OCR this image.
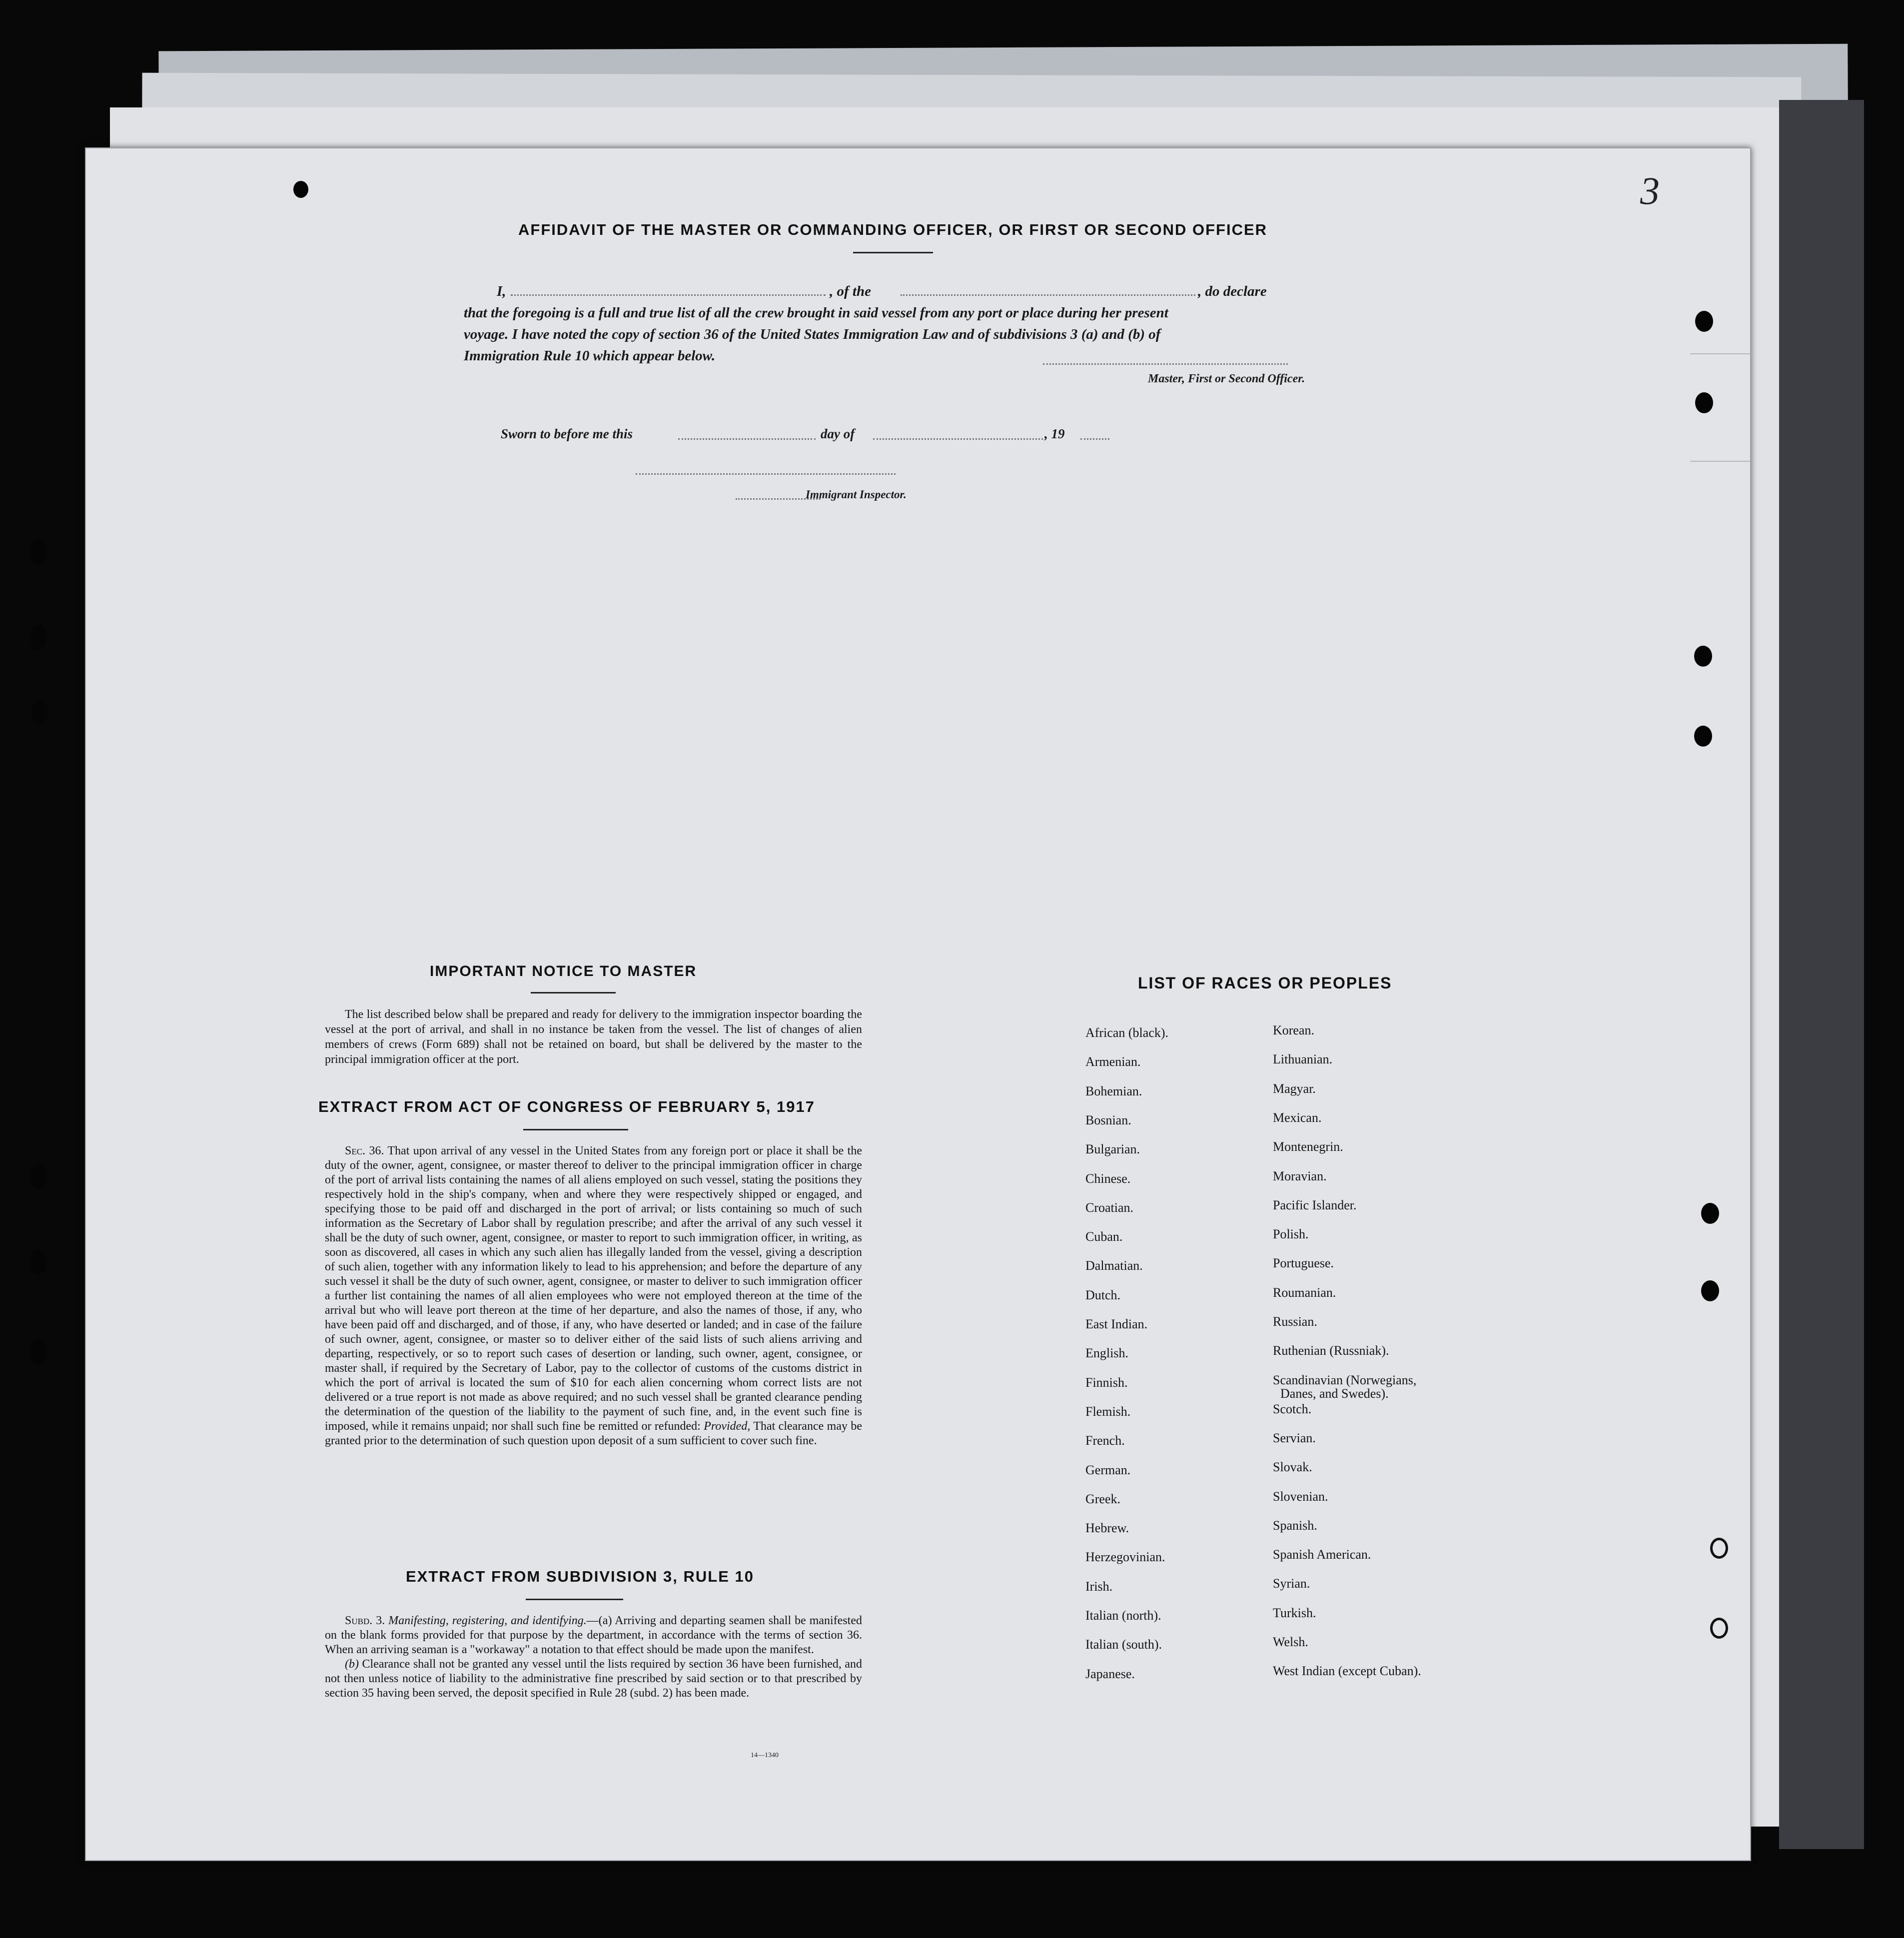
3
AFFIDAVIT OF THE MASTER OR COMMANDING OFFICER, OR FIRST OR SECOND OFFICER
I,	, of the	, do declare
that the foregoing is a full and true list of all the crew brought in said vessel from any port or place during her present
voyage. I have noted the copy of section 36 of the United States Immigration Law and of subdivisions 3 (a) and (b) of
Immigration Rule 10 which appear below.
Master, First or Second Officer.
Sworn to before me this	day of	, 19
Immigrant Inspector.
IMPORTANT NOTICE TO MASTER

The list described below shall be prepared and ready for delivery to the immigration inspector boarding the vessel at the port of arrival, and shall in no instance be taken from the vessel. The list of changes of alien members of crews (Form 689) shall not be retained on board, but shall be delivered by the master to the principal immigration officer at the port.

EXTRACT FROM ACT OF CONGRESS OF FEBRUARY 5, 1917

Sec. 36. That upon arrival of any vessel in the United States from any foreign port or place it shall be the duty of the owner, agent, consignee, or master thereof to deliver to the principal immigration officer in charge of the port of arrival lists containing the names of all aliens employed on such vessel, stating the positions they respectively hold in the ship's company, when and where they were respectively shipped or engaged, and specifying those to be paid off and discharged in the port of arrival; or lists containing so much of such information as the Secretary of Labor shall by regulation prescribe; and after the arrival of any such vessel it shall be the duty of such owner, agent, consignee, or master to report to such immigration officer, in writing, as soon as discovered, all cases in which any such alien has illegally landed from the vessel, giving a description of such alien, together with any information likely to lead to his apprehension; and before the departure of any such vessel it shall be the duty of such owner, agent, consignee, or master to deliver to such immigration officer a further list containing the names of all alien employees who were not employed thereon at the time of the arrival but who will leave port thereon at the time of her departure, and also the names of those, if any, who have been paid off and discharged, and of those, if any, who have deserted or landed; and in case of the failure of such owner, agent, consignee, or master so to deliver either of the said lists of such aliens arriving and departing, respectively, or so to report such cases of desertion or landing, such owner, agent, consignee, or master shall, if required by the Secretary of Labor, pay to the collector of customs of the customs district in which the port of arrival is located the sum of $10 for each alien concerning whom correct lists are not delivered or a true report is not made as above required; and no such vessel shall be granted clearance pending the determination of the question of the liability to the payment of such fine, and, in the event such fine is imposed, while it remains unpaid; nor shall such fine be remitted or refunded: Provided, That clearance may be granted prior to the determination of such question upon deposit of a sum sufficient to cover such fine.

EXTRACT FROM SUBDIVISION 3, RULE 10

Subd. 3. Manifesting, registering, and identifying.—(a) Arriving and departing seamen shall be manifested on the blank forms provided for that purpose by the department, in accordance with the terms of section 36. When an arriving seaman is a "workaway" a notation to that effect should be made upon the manifest.

(b) Clearance shall not be granted any vessel until the lists required by section 36 have been furnished, and not then unless notice of liability to the administrative fine prescribed by said section or to that prescribed by section 35 having been served, the deposit specified in Rule 28 (subd. 2) has been made.

14—1340
LIST OF RACES OR PEOPLES
African (black).
Armenian.
Bohemian.
Bosnian.
Bulgarian.
Chinese.
Croatian.
Cuban.
Dalmatian.
Dutch.
East Indian.
English.
Finnish.
Flemish.
French.
German.
Greek.
Hebrew.
Herzegovinian.
Irish.
Italian (north).
Italian (south).
Japanese.
Korean.
Lithuanian.
Magyar.
Mexican.
Montenegrin.
Moravian.
Pacific Islander.
Polish.
Portuguese.
Roumanian.
Russian.
Ruthenian (Russniak).
Scandinavian (Norwegians,
Danes, and Swedes).
Scotch.
Servian.
Slovak.
Slovenian.
Spanish.
Spanish American.
Syrian.
Turkish.
Welsh.
West Indian (except Cuban).
